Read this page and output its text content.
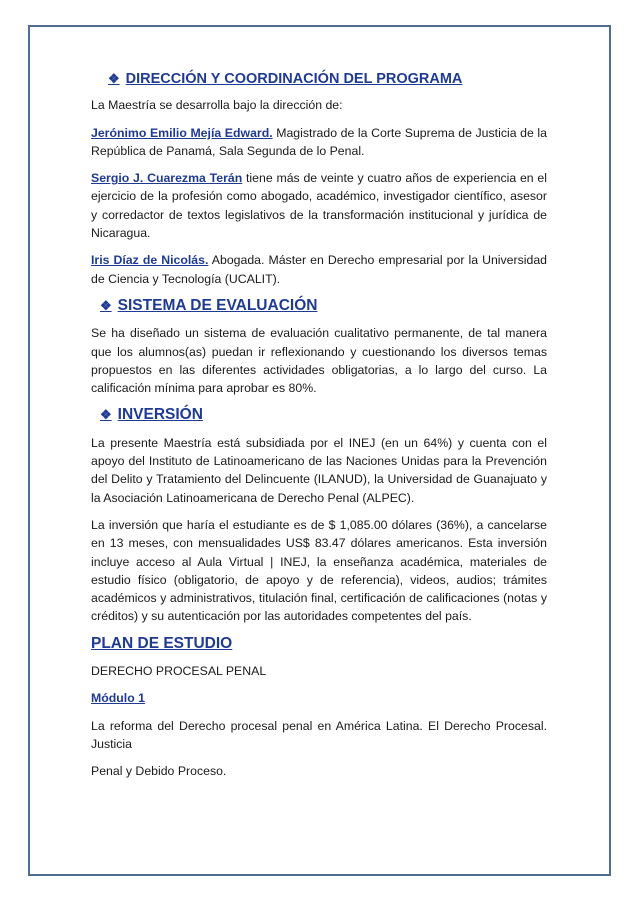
❖ DIRECCIÓN Y COORDINACIÓN DEL PROGRAMA

La Maestría se desarrolla bajo la dirección de:

Jerónimo Emilio Mejía Edward. Magistrado de la Corte Suprema de Justicia de la República de Panamá, Sala Segunda de lo Penal.

Sergio J. Cuarezma Terán tiene más de veinte y cuatro años de experiencia en el ejercicio de la profesión como abogado, académico, investigador científico, asesor y corredactor de textos legislativos de la transformación institucional y jurídica de Nicaragua.

Iris Díaz de Nicolás. Abogada. Máster en Derecho empresarial por la Universidad de Ciencia y Tecnología (UCALIT).

❖ SISTEMA DE EVALUACIÓN

Se ha diseñado un sistema de evaluación cualitativo permanente, de tal manera que los alumnos(as) puedan ir reflexionando y cuestionando los diversos temas propuestos en las diferentes actividades obligatorias, a lo largo del curso. La calificación mínima para aprobar es 80%.

❖ INVERSIÓN

La presente Maestría está subsidiada por el INEJ (en un 64%) y cuenta con el apoyo del Instituto de Latinoamericano de las Naciones Unidas para la Prevención del Delito y Tratamiento del Delincuente (ILANUD), la Universidad de Guanajuato y la Asociación Latinoamericana de Derecho Penal (ALPEC).

La inversión que haría el estudiante es de $ 1,085.00 dólares (36%), a cancelarse en 13 meses, con mensualidades US$ 83.47 dólares americanos. Esta inversión incluye acceso al Aula Virtual | INEJ, la enseñanza académica, materiales de estudio físico (obligatorio, de apoyo y de referencia), videos, audios; trámites académicos y administrativos, titulación final, certificación de calificaciones (notas y créditos) y su autenticación por las autoridades competentes del país.

PLAN DE ESTUDIO

DERECHO PROCESAL PENAL

Módulo 1

La reforma del Derecho procesal penal en América Latina. El Derecho Procesal. Justicia

Penal y Debido Proceso.
